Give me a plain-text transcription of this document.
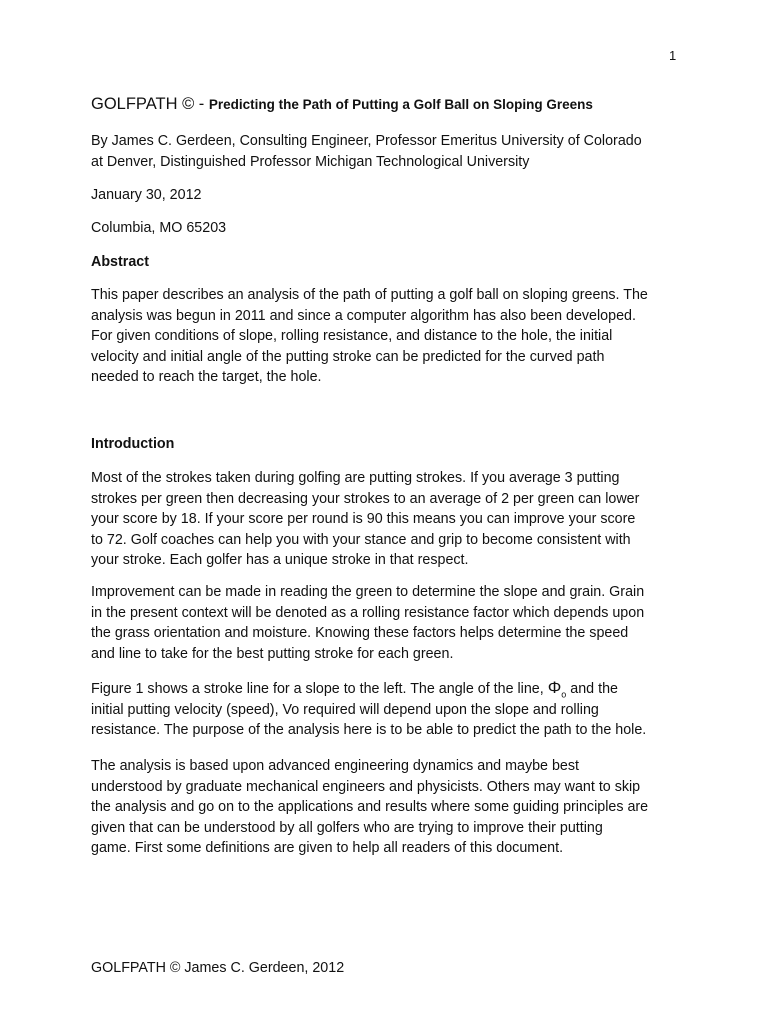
1
GOLFPATH © - Predicting the Path of Putting a Golf Ball on Sloping Greens
By James C. Gerdeen, Consulting Engineer, Professor Emeritus University of Colorado
at Denver, Distinguished Professor Michigan Technological University
January 30, 2012
Columbia, MO 65203
Abstract
This paper describes an analysis of the path of putting a golf ball on sloping greens. The
analysis was begun in 2011 and since a computer algorithm has also been developed.
For given conditions of slope, rolling resistance, and distance to the hole, the initial
velocity and initial angle of the putting stroke can be predicted for the curved path
needed to reach the target, the hole.
Introduction
Most of the strokes taken during golfing are putting strokes. If you average 3 putting
strokes per green then decreasing your strokes to an average of 2 per green can lower
your score by 18. If your score per round is 90 this means you can improve your score
to 72. Golf coaches can help you with your stance and grip to become consistent with
your stroke. Each golfer has a unique stroke in that respect.
Improvement can be made in reading the green to determine the slope and grain. Grain
in the present context will be denoted as a rolling resistance factor which depends upon
the grass orientation and moisture. Knowing these factors helps determine the speed
and line to take for the best putting stroke for each green.
Figure 1 shows a stroke line for a slope to the left. The angle of the line, $\Phi_o$ and the
initial putting velocity (speed), Vo required will depend upon the slope and rolling
resistance. The purpose of the analysis here is to be able to predict the path to the hole.
The analysis is based upon advanced engineering dynamics and maybe best
understood by graduate mechanical engineers and physicists. Others may want to skip
the analysis and go on to the applications and results where some guiding principles are
given that can be understood by all golfers who are trying to improve their putting
game. First some definitions are given to help all readers of this document.
GOLFPATH © James C. Gerdeen, 2012
